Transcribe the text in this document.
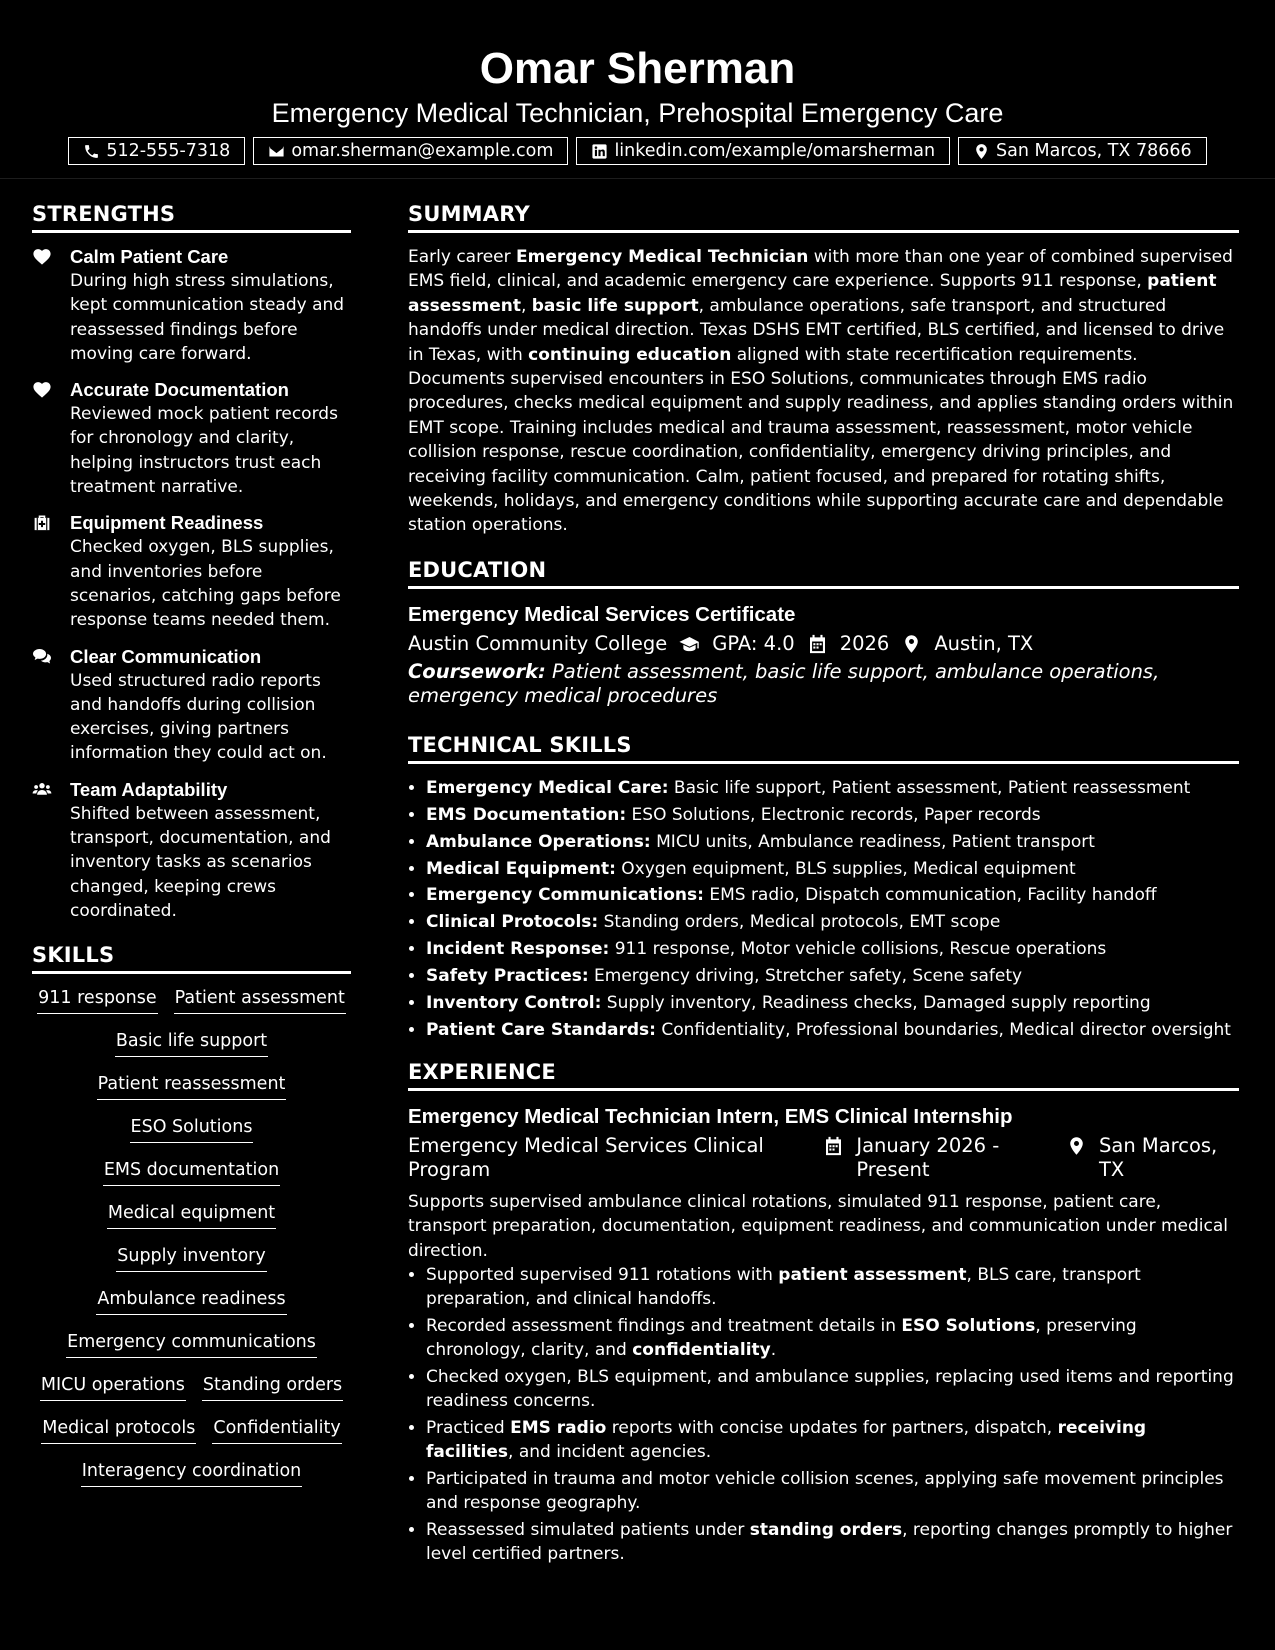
Omar Sherman
Emergency Medical Technician, Prehospital Emergency Care
512-555-7318	omar.sherman@example.com	linkedin.com/example/omarsherman	San Marcos, TX 78666
STRENGTHS
Calm Patient Care
During high stress simulations, kept communication steady and reassessed findings before moving care forward.
Accurate Documentation
Reviewed mock patient records for chronology and clarity, helping instructors trust each treatment narrative.
Equipment Readiness
Checked oxygen, BLS supplies, and inventories before scenarios, catching gaps before response teams needed them.
Clear Communication
Used structured radio reports and handoffs during collision exercises, giving partners information they could act on.
Team Adaptability
Shifted between assessment, transport, documentation, and inventory tasks as scenarios changed, keeping crews coordinated.
SKILLS
911 response Patient assessment
Basic life support
Patient reassessment
ESO Solutions
EMS documentation
Medical equipment
Supply inventory
Ambulance readiness
Emergency communications
MICU operations Standing orders
Medical protocols Confidentiality
Interagency coordination
SUMMARY

Early career Emergency Medical Technician with more than one year of combined supervised EMS field, clinical, and academic emergency care experience. Supports 911 response, patient assessment, basic life support, ambulance operations, safe transport, and structured handoffs under medical direction. Texas DSHS EMT certified, BLS certified, and licensed to drive in Texas, with continuing education aligned with state recertification requirements. Documents supervised encounters in ESO Solutions, communicates through EMS radio procedures, checks medical equipment and supply readiness, and applies standing orders within EMT scope. Training includes medical and trauma assessment, reassessment, motor vehicle collision response, rescue coordination, confidentiality, emergency driving principles, and receiving facility communication. Calm, patient focused, and prepared for rotating shifts, weekends, holidays, and emergency conditions while supporting accurate care and dependable station operations.

EDUCATION
Emergency Medical Services Certificate
Austin Community College GPA: 4.0 2026 Austin, TX
Coursework: Patient assessment, basic life support, ambulance operations, emergency medical procedures
TECHNICAL SKILLS
• Emergency Medical Care: Basic life support, Patient assessment, Patient reassessment
• EMS Documentation: ESO Solutions, Electronic records, Paper records
• Ambulance Operations: MICU units, Ambulance readiness, Patient transport
• Medical Equipment: Oxygen equipment, BLS supplies, Medical equipment
• Emergency Communications: EMS radio, Dispatch communication, Facility handoff
• Clinical Protocols: Standing orders, Medical protocols, EMT scope
• Incident Response: 911 response, Motor vehicle collisions, Rescue operations
• Safety Practices: Emergency driving, Stretcher safety, Scene safety
• Inventory Control: Supply inventory, Readiness checks, Damaged supply reporting
• Patient Care Standards: Confidentiality, Professional boundaries, Medical director oversight
EXPERIENCE
Emergency Medical Technician Intern, EMS Clinical Internship
Emergency Medical Services Clinical Program
January 2026 - Present
San Marcos, TX

Supports supervised ambulance clinical rotations, simulated 911 response, patient care, transport preparation, documentation, equipment readiness, and communication under medical direction.

• Supported supervised 911 rotations with patient assessment, BLS care, transport preparation, and clinical handoffs.
• Recorded assessment findings and treatment details in ESO Solutions, preserving chronology, clarity, and confidentiality.
• Checked oxygen, BLS equipment, and ambulance supplies, replacing used items and reporting readiness concerns.
• Practiced EMS radio reports with concise updates for partners, dispatch, receiving facilities, and incident agencies.
• Participated in trauma and motor vehicle collision scenes, applying safe movement principles and response geography.
• Reassessed simulated patients under standing orders, reporting changes promptly to higher level certified partners.
